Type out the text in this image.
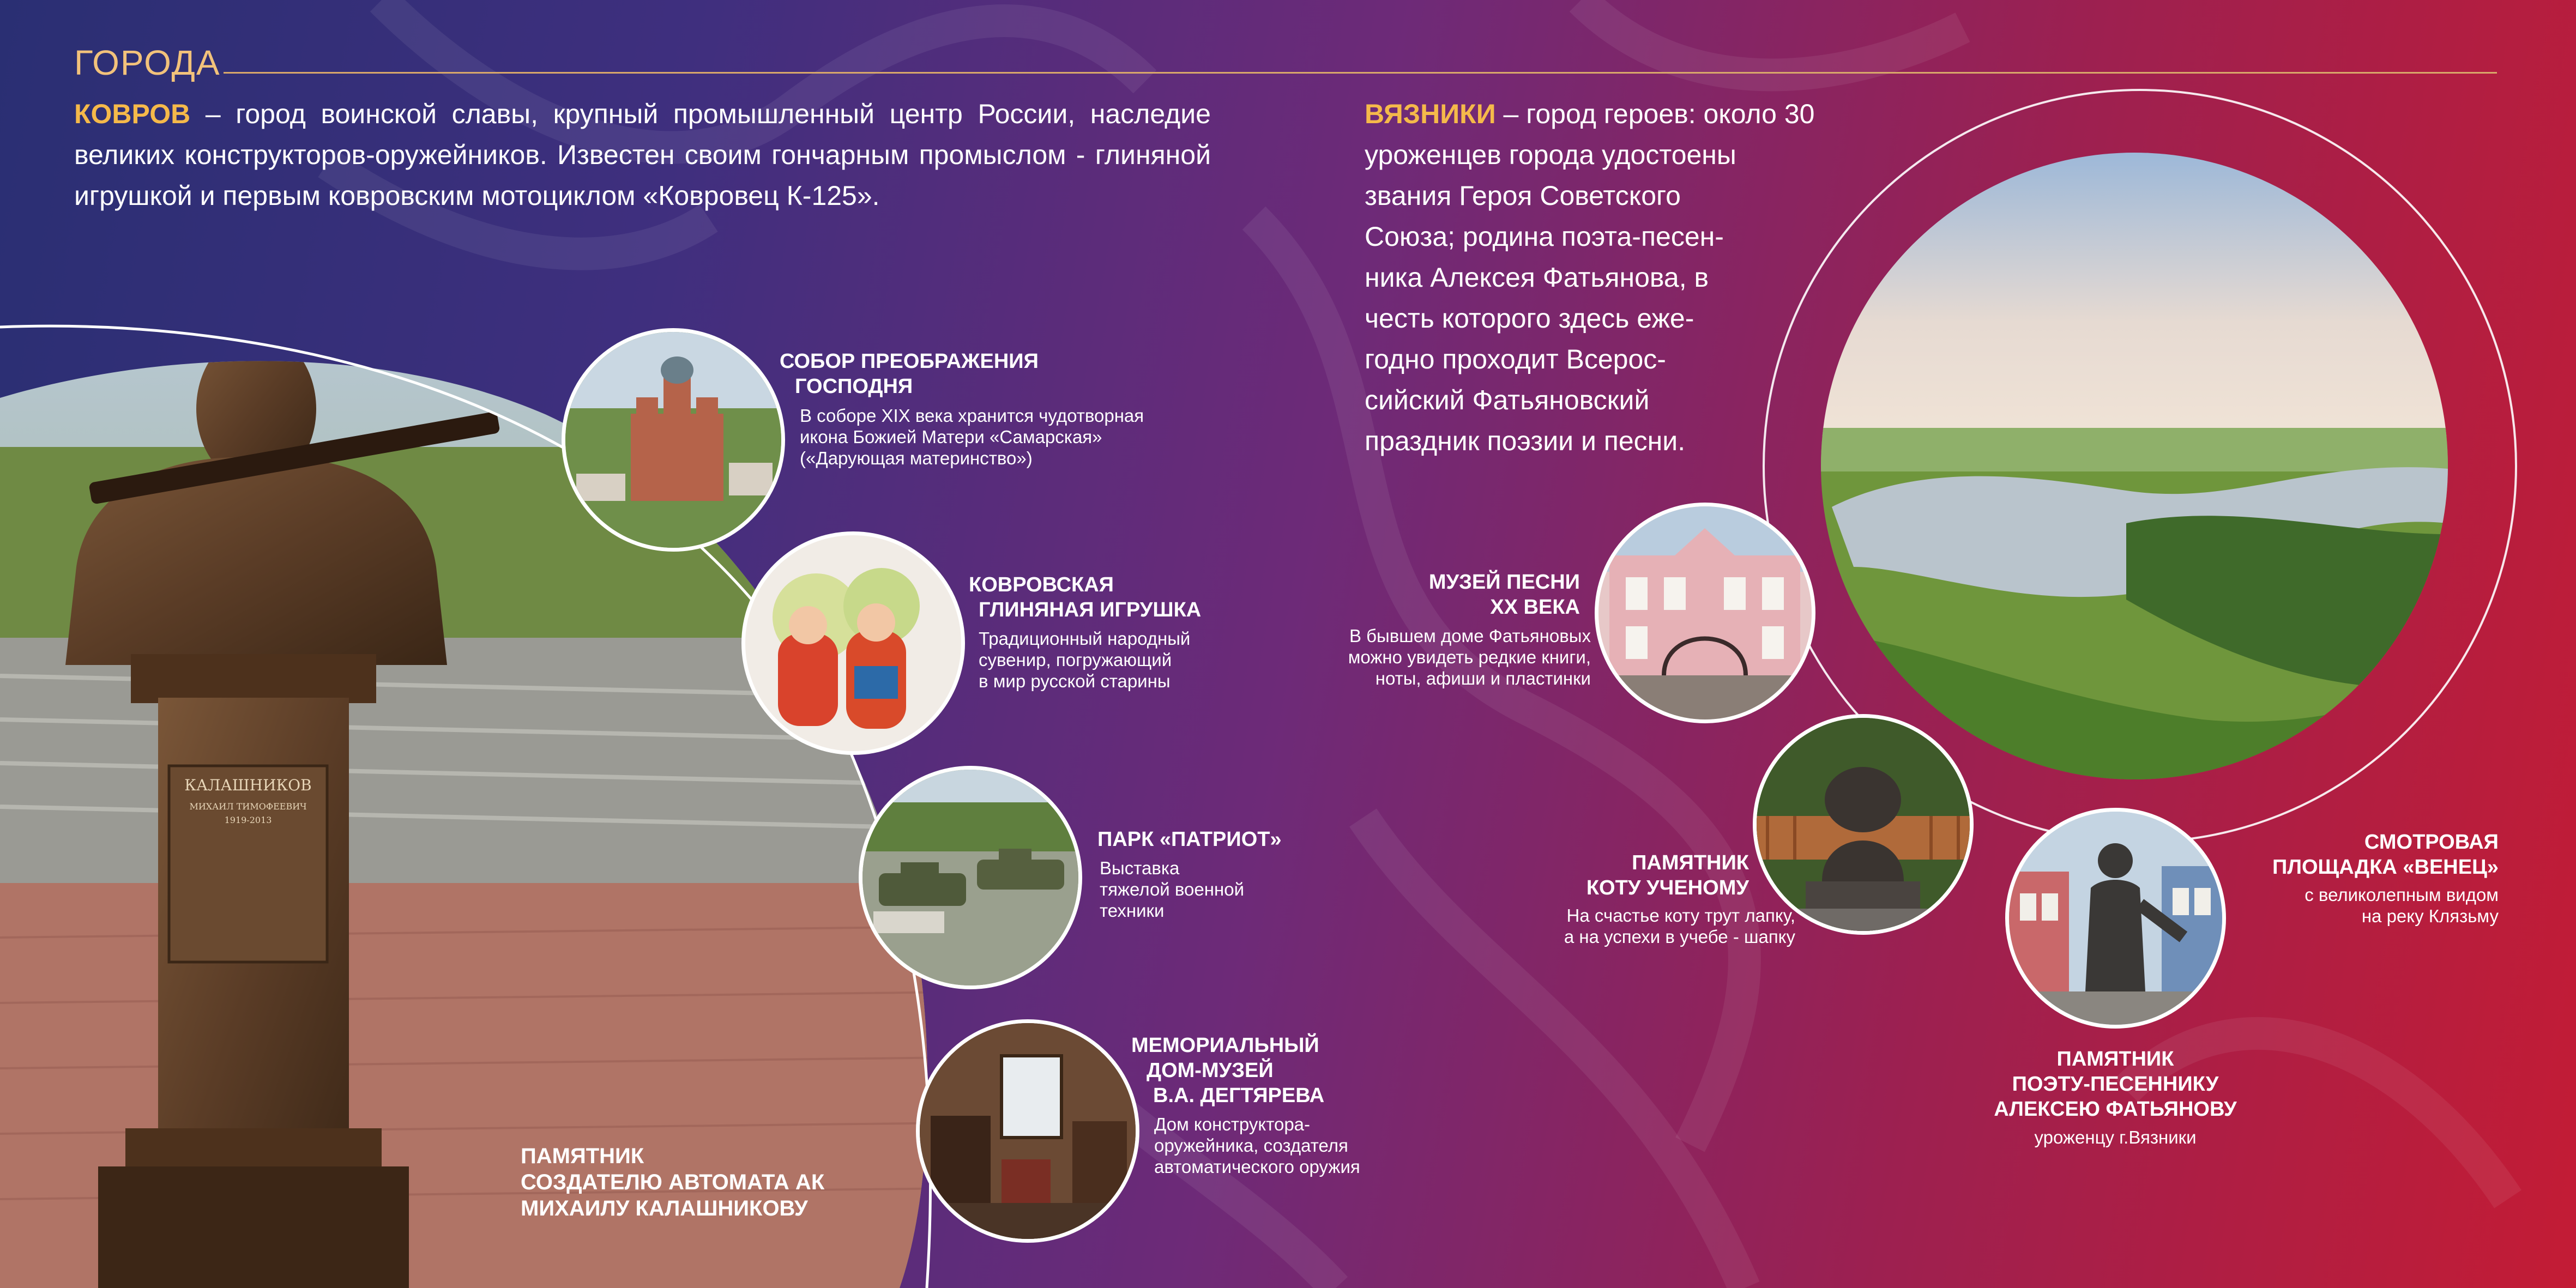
ГОРОДА
КОВРОВ – город воинской славы, крупный промышленный центр России, наследие великих конструкторов-оружейников. Известен своим гончарным промыслом - глиняной игрушкой и первым ковровским мотоциклом «Ковровец К-125».
КАЛАШНИКОВ
МИХАИЛ ТИМОФЕЕВИЧ
1919-2013
ПАМЯТНИК
СОЗДАТЕЛЮ АВТОМАТА АК
МИХАИЛУ КАЛАШНИКОВУ
СОБОР ПРЕОБРАЖЕНИЯ
ГОСПОДНЯ
В соборе XIX века хранится чудотворная
икона Божией Матери «Самарская»
(«Дарующая материнство»)
КОВРОВСКАЯ
ГЛИНЯНАЯ ИГРУШКА
Традиционный народный
сувенир, погружающий
в мир русской старины
ПАРК «ПАТРИОТ»
Выставка
тяжелой военной
техники
МЕМОРИАЛЬНЫЙ
ДОМ-МУЗЕЙ
В.А. ДЕГТЯРЕВА
Дом конструктора-
оружейника, создателя
автоматического оружия
ВЯЗНИКИ – город героев: около 30
уроженцев города удостоены
звания Героя Советского
Союза; родина поэта-песен-
ника Алексея Фатьянова, в
честь которого здесь еже-
годно проходит Всерос-
сийский Фатьяновский
праздник поэзии и песни.
МУЗЕЙ ПЕСНИ
XX ВЕКА
В бывшем доме Фатьяновых
можно увидеть редкие книги,
ноты, афиши и пластинки
ПАМЯТНИК
КОТУ УЧЕНОМУ
На счастье коту трут лапку,
а на успехи в учебе - шапку
ПАМЯТНИК
ПОЭТУ-ПЕСЕННИКУ
АЛЕКСЕЮ ФАТЬЯНОВУ
уроженцу г.Вязники
СМОТРОВАЯ
ПЛОЩАДКА «ВЕНЕЦ»
с великолепным видом
на реку Клязьму
